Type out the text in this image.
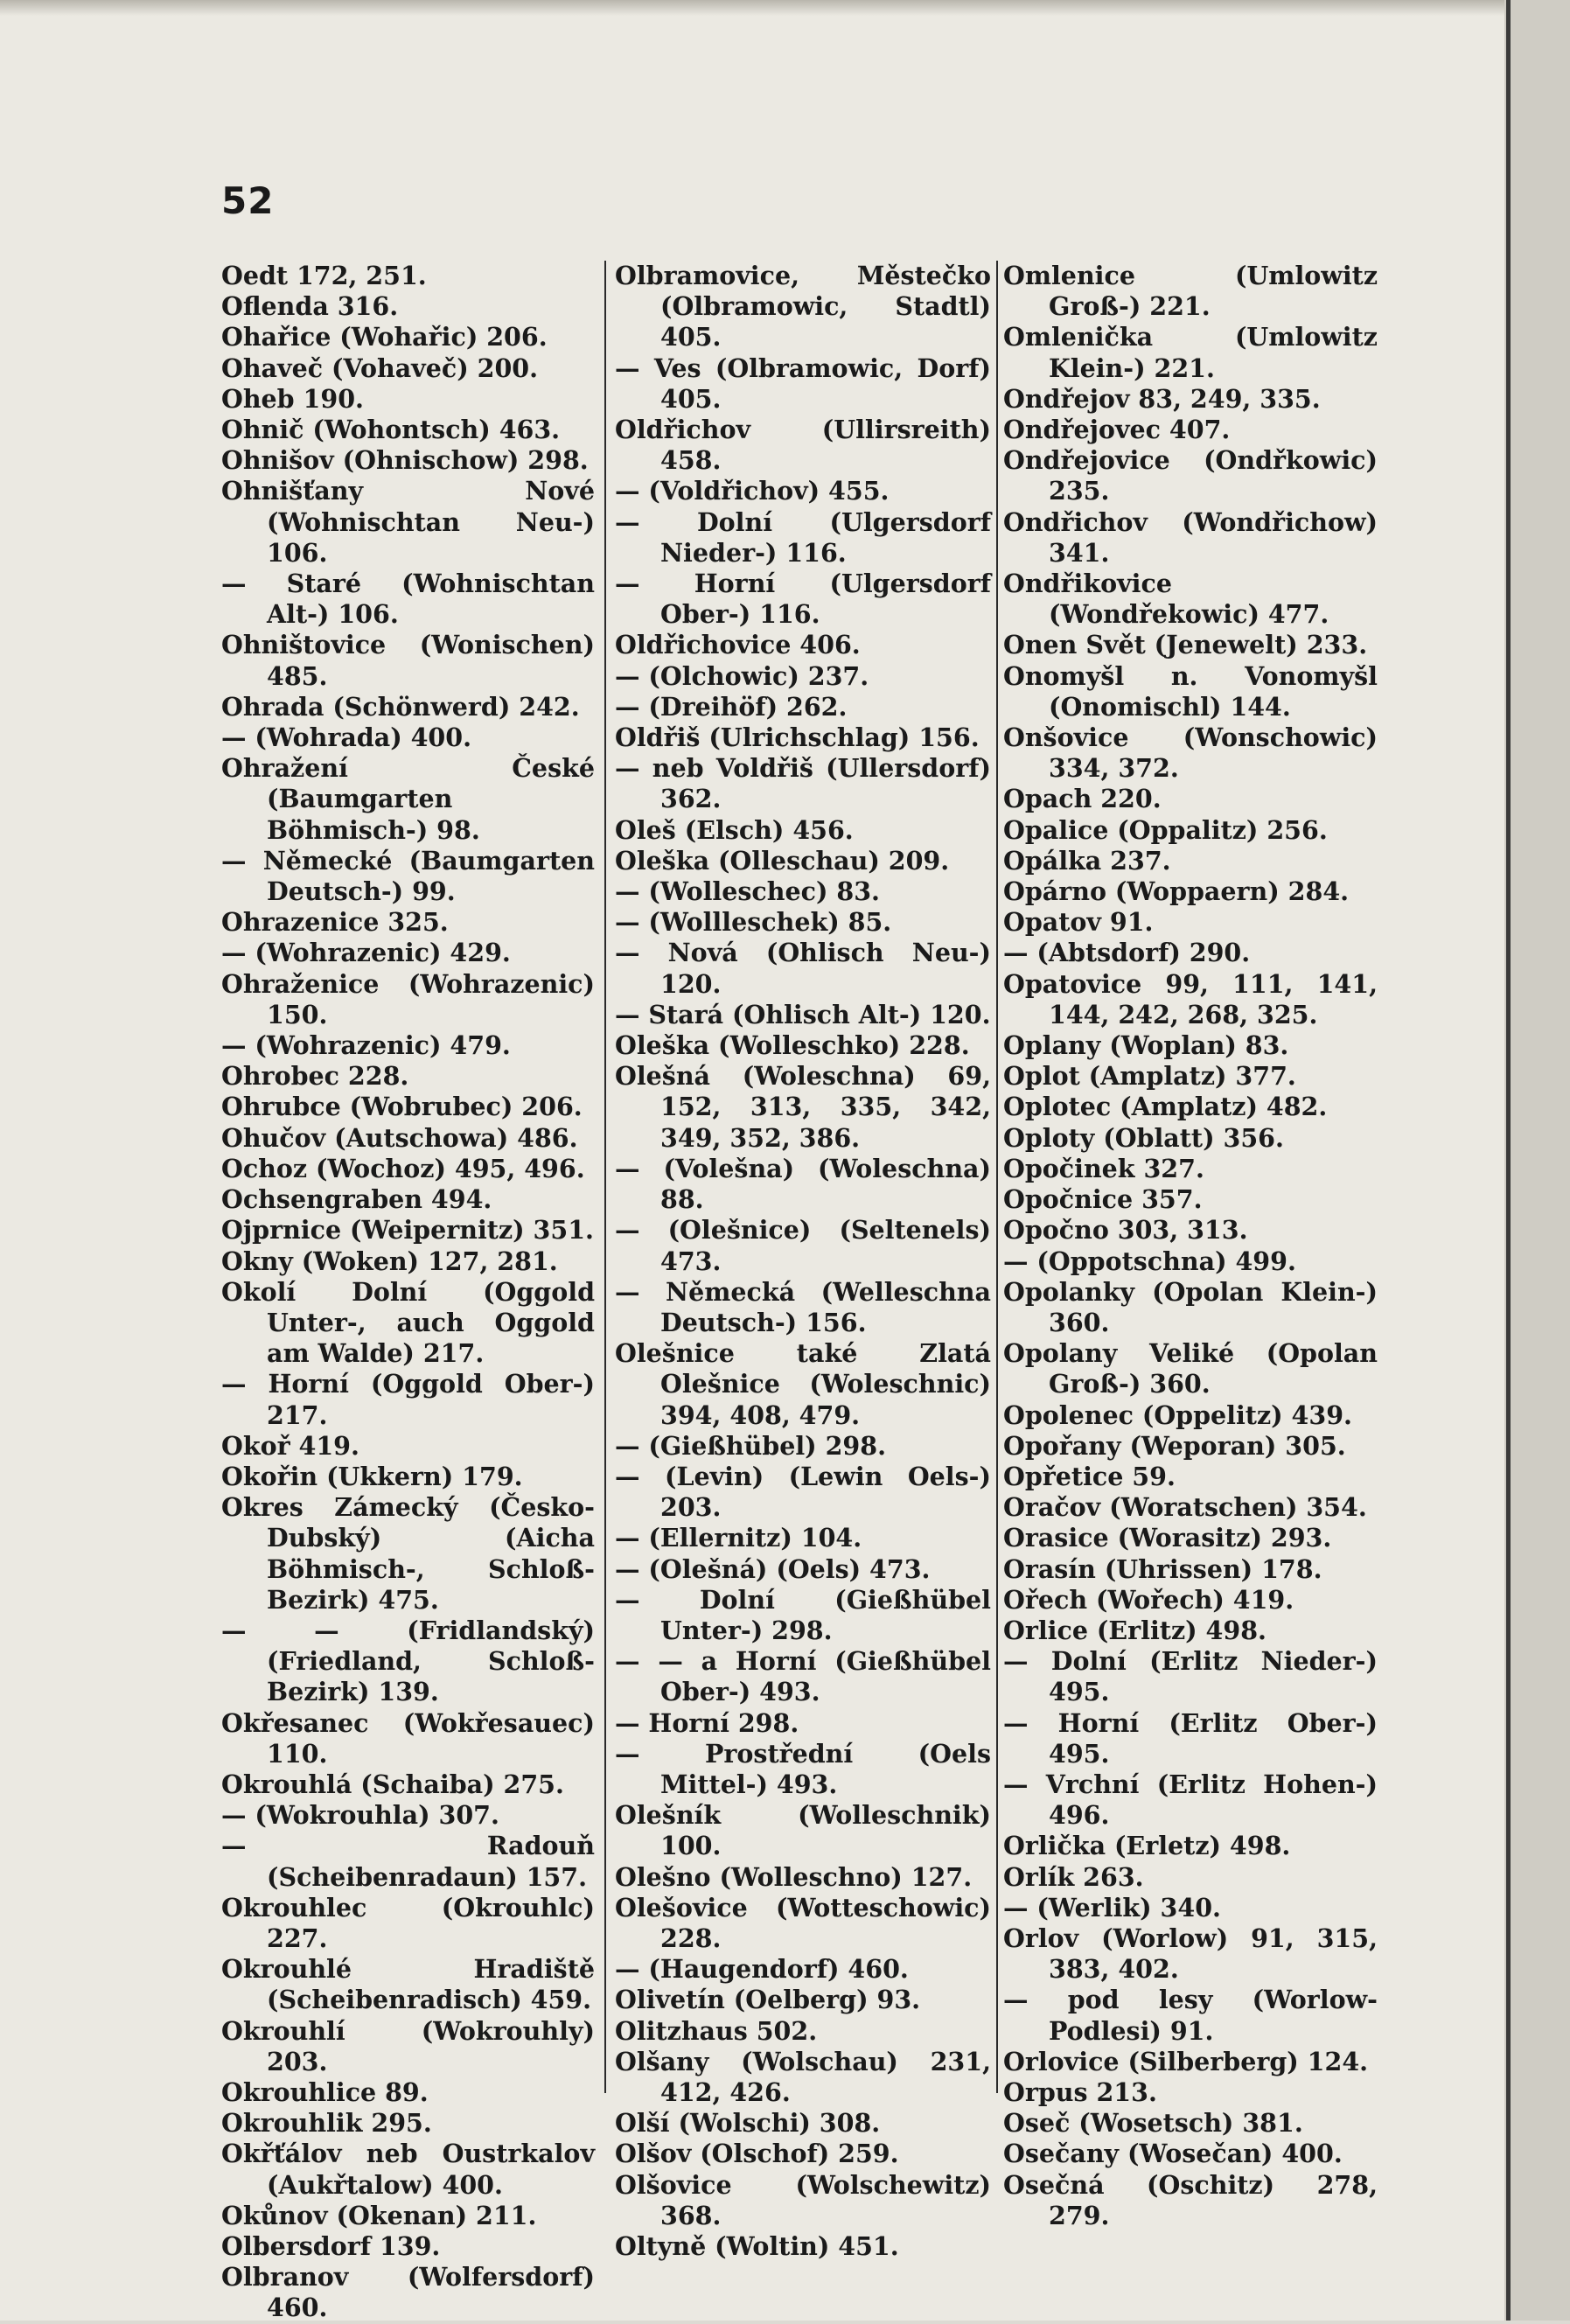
52
Oedt 172, 251.
Oflenda 316.
Ohařice (Wohařic) 206.
Ohaveč (Vohaveč) 200.
Oheb 190.
Ohnič (Wohontsch) 463.
Ohnišov (Ohnischow) 298.
Ohnišťany Nové (Wohnischtan Neu-) 106.
— Staré (Wohnischtan Alt-) 106.
Ohništovice (Wonischen) 485.
Ohrada (Schönwerd) 242.
— (Wohrada) 400.
Ohražení České (Baumgarten Böhmisch-) 98.
— Německé (Baumgarten Deutsch-) 99.
Ohrazenice 325.
— (Wohrazenic) 429.
Ohraženice (Wohrazenic) 150.
— (Wohrazenic) 479.
Ohrobec 228.
Ohrubce (Wobrubec) 206.
Ohučov (Autschowa) 486.
Ochoz (Wochoz) 495, 496.
Ochsengraben 494.
Ojprnice (Weipernitz) 351.
Okny (Woken) 127, 281.
Okolí Dolní (Oggold Unter-, auch Oggold am Walde) 217.
— Horní (Oggold Ober-) 217.
Okoř 419.
Okořin (Ukkern) 179.
Okres Zámecký (Česko-Dubský) (Aicha Böhmisch-, Schloß-Bezirk) 475.
— — (Fridlandský) (Friedland, Schloß-Bezirk) 139.
Okřesanec (Wokřesauec) 110.
Okrouhlá (Schaiba) 275.
— (Wokrouhla) 307.
— Radouň (Scheibenradaun) 157.
Okrouhlec (Okrouhlc) 227.
Okrouhlé Hradiště (Scheibenradisch) 459.
Okrouhlí (Wokrouhly) 203.
Okrouhlice 89.
Okrouhlik 295.
Okřťálov neb Oustrkalov (Aukřtalow) 400.
Okůnov (Okenan) 211.
Olbersdorf 139.
Olbranov (Wolfersdorf) 460.
Olbramovice, Městečko (Olbramowic, Stadtl) 405.
— Ves (Olbramowic, Dorf) 405.
Oldřichov (Ullirsreith) 458.
— (Voldřichov) 455.
— Dolní (Ulgersdorf Nieder-) 116.
— Horní (Ulgersdorf Ober-) 116.
Oldřichovice 406.
— (Olchowic) 237.
— (Dreihöf) 262.
Oldřiš (Ulrichschlag) 156.
— neb Voldřiš (Ullersdorf) 362.
Oleš (Elsch) 456.
Oleška (Olleschau) 209.
— (Wolleschec) 83.
— (Wollleschek) 85.
— Nová (Ohlisch Neu-) 120.
— Stará (Ohlisch Alt-) 120.
Oleška (Wolleschko) 228.
Olešná (Woleschna) 69, 152, 313, 335, 342, 349, 352, 386.
— (Volešna) (Woleschna) 88.
— (Olešnice) (Seltenels) 473.
— Německá (Welleschna Deutsch-) 156.
Olešnice také Zlatá Olešnice (Woleschnic) 394, 408, 479.
— (Gießhübel) 298.
— (Levin) (Lewin Oels-) 203.
— (Ellernitz) 104.
— (Olešná) (Oels) 473.
— Dolní (Gießhübel Unter-) 298.
— — a Horní (Gießhübel Ober-) 493.
— Horní 298.
— Prostřední (Oels Mittel-) 493.
Olešník (Wolleschnik) 100.
Olešno (Wolleschno) 127.
Olešovice (Wotteschowic) 228.
— (Haugendorf) 460.
Olivetín (Oelberg) 93.
Olitzhaus 502.
Olšany (Wolschau) 231, 412, 426.
Olší (Wolschi) 308.
Olšov (Olschof) 259.
Olšovice (Wolschewitz) 368.
Oltyně (Woltin) 451.
Omlenice (Umlowitz Groß-) 221.
Omlenička (Umlowitz Klein-) 221.
Ondřejov 83, 249, 335.
Ondřejovec 407.
Ondřejovice (Ondřkowic) 235.
Ondřichov (Wondřichow) 341.
Ondřikovice (Wondřekowic) 477.
Onen Svět (Jenewelt) 233.
Onomyšl n. Vonomyšl (Onomischl) 144.
Onšovice (Wonschowic) 334, 372.
Opach 220.
Opalice (Oppalitz) 256.
Opálka 237.
Opárno (Woppaern) 284.
Opatov 91.
— (Abtsdorf) 290.
Opatovice 99, 111, 141, 144, 242, 268, 325.
Oplany (Woplan) 83.
Oplot (Amplatz) 377.
Oplotec (Amplatz) 482.
Oploty (Oblatt) 356.
Opočinek 327.
Opočnice 357.
Opočno 303, 313.
— (Oppotschna) 499.
Opolanky (Opolan Klein-) 360.
Opolany Veliké (Opolan Groß-) 360.
Opolenec (Oppelitz) 439.
Opořany (Weporan) 305.
Opřetice 59.
Oračov (Woratschen) 354.
Orasice (Worasitz) 293.
Orasín (Uhrissen) 178.
Ořech (Wořech) 419.
Orlice (Erlitz) 498.
— Dolní (Erlitz Nieder-) 495.
— Horní (Erlitz Ober-) 495.
— Vrchní (Erlitz Hohen-) 496.
Orlička (Erletz) 498.
Orlík 263.
— (Werlik) 340.
Orlov (Worlow) 91, 315, 383, 402.
— pod lesy (Worlow-Podlesi) 91.
Orlovice (Silberberg) 124.
Orpus 213.
Oseč (Wosetsch) 381.
Osečany (Wosečan) 400.
Osečná (Oschitz) 278, 279.
